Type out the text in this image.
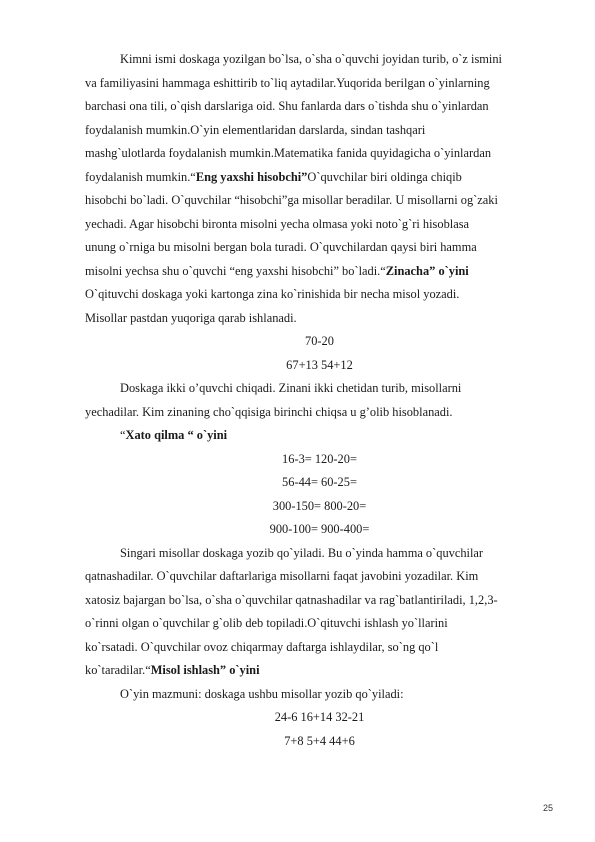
Kimni ismi doskaga yozilgan bo`lsa, o`sha o`quvchi joyidan turib, o`z ismini
va familiyasini hammaga eshittirib to`liq aytadilar.Yuqorida berilgan o`yinlarning
barchasi ona tili, o`qish darslariga oid. Shu fanlarda dars o`tishda shu o`yinlardan
foydalanish mumkin.O`yin elementlaridan darslarda, sindan tashqari
mashg`ulotlarda foydalanish mumkin.Matematika fanida quyidagicha o`yinlardan
foydalanish mumkin.“Eng yaxshi hisobchi”O`quvchilar biri oldinga chiqib
hisobchi bo`ladi. O`quvchilar “hisobchi”ga misollar beradilar. U misollarni og`zaki
yechadi. Agar hisobchi bironta misolni yecha olmasa yoki noto`g`ri hisoblasa
unung o`rniga bu misolni bergan bola turadi. O`quvchilardan qaysi biri hamma
misolni yechsa shu o`quvchi “eng yaxshi hisobchi” bo`ladi.“Zinacha” o`yini
O`qituvchi doskaga yoki kartonga zina ko`rinishida bir necha misol yozadi.
Misollar pastdan yuqoriga qarab ishlanadi.

70-20
67+13 54+12

Doskaga ikki o’quvchi chiqadi. Zinani ikki chetidan turib, misollarni
yechadilar. Kim zinaning cho`qqisiga birinchi chiqsa u g’olib hisoblanadi.

“Xato qilma “ o`yini

16-3= 120-20=
56-44= 60-25=
300-150= 800-20=
900-100= 900-400=

Singari misollar doskaga yozib qo`yiladi. Bu o`yinda hamma o`quvchilar
qatnashadilar. O`quvchilar daftarlariga misollarni faqat javobini yozadilar. Kim
xatosiz bajargan bo`lsa, o`sha o`quvchilar qatnashadilar va rag`batlantiriladi, 1,2,3-
o`rinni olgan o`quvchilar g`olib deb topiladi.O`qituvchi ishlash yo`llarini
ko`rsatadi. O`quvchilar ovoz chiqarmay daftarga ishlaydilar, so`ng qo`l
ko`taradilar.“Misol ishlash” o`yini

O`yin mazmuni: doskaga ushbu misollar yozib qo`yiladi:

24-6 16+14 32-21
7+8 5+4 44+6
25
